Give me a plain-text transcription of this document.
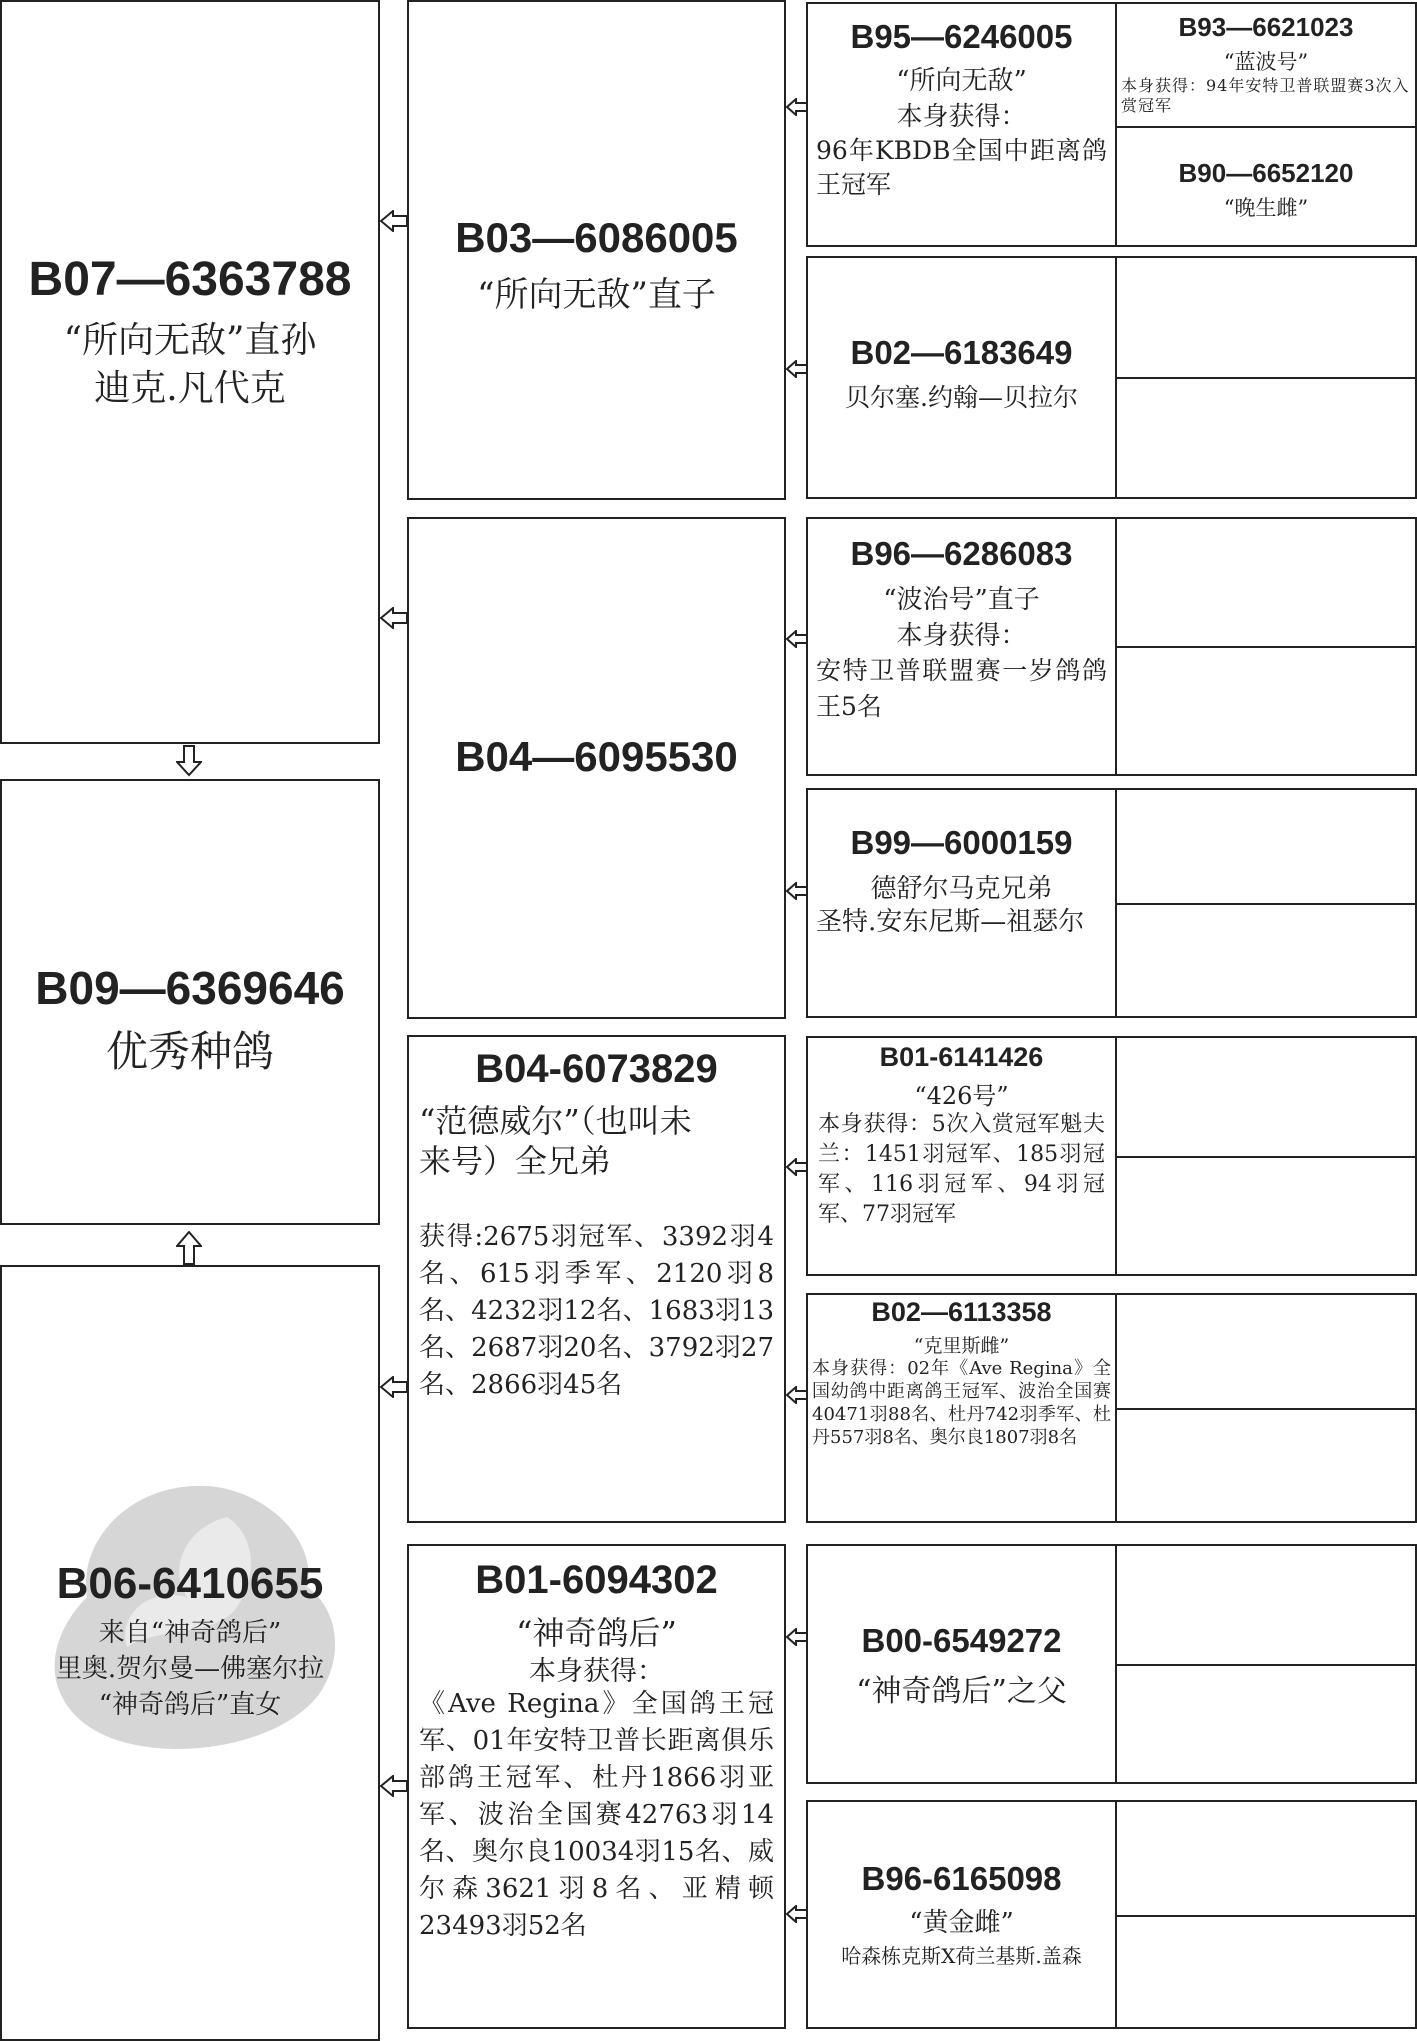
B07—6363788
“所向无敌”直孙
迪克.凡代克
B09—6369646
优秀种鸽
B06-6410655
来自“神奇鸽后”
里奥.贺尔曼—佛塞尔拉
“神奇鸽后”直女
B03—6086005
“所向无敌”直子
B04—6095530
B04-6073829
“范德威尔”（也叫未
来号）全兄弟
获得:2675羽冠军、3392羽4名、615羽季军、2120羽8名、4232羽12名、1683羽13名、2687羽20名、3792羽27名、2866羽45名
B01-6094302
“神奇鸽后”
本身获得：
《Ave Regina》全国鸽王冠军、01年安特卫普长距离俱乐部鸽王冠军、杜丹1866羽亚军、波治全国赛42763羽14名、奥尔良10034羽15名、威尔森3621羽8名、亚精顿23493羽52名
B95—6246005
“所向无敌”
本身获得：
96年KBDB全国中距离鸽王冠军
B02—6183649
贝尔塞.约翰—贝拉尔
B96—6286083
“波治号”直子
本身获得：
安特卫普联盟赛一岁鸽鸽王5名
B99—6000159
德舒尔马克兄弟
圣特.安东尼斯—祖瑟尔
B01-6141426
“426号”
本身获得：5次入赏冠军魁夫兰：1451羽冠军、185羽冠军、116羽冠军、94羽冠军、77羽冠军
B02—6113358
“克里斯雌”
本身获得：02年《Ave Regina》全国幼鸽中距离鸽王冠军、波治全国赛40471羽88名、杜丹742羽季军、杜丹557羽8名、奥尔良1807羽8名
B00-6549272
“神奇鸽后”之父
B96-6165098
“黄金雌”
哈森栋克斯X荷兰基斯.盖森
B93—6621023
“蓝波号”
本身获得：94年安特卫普联盟赛3次入赏冠军
B90—6652120
“晚生雌”
